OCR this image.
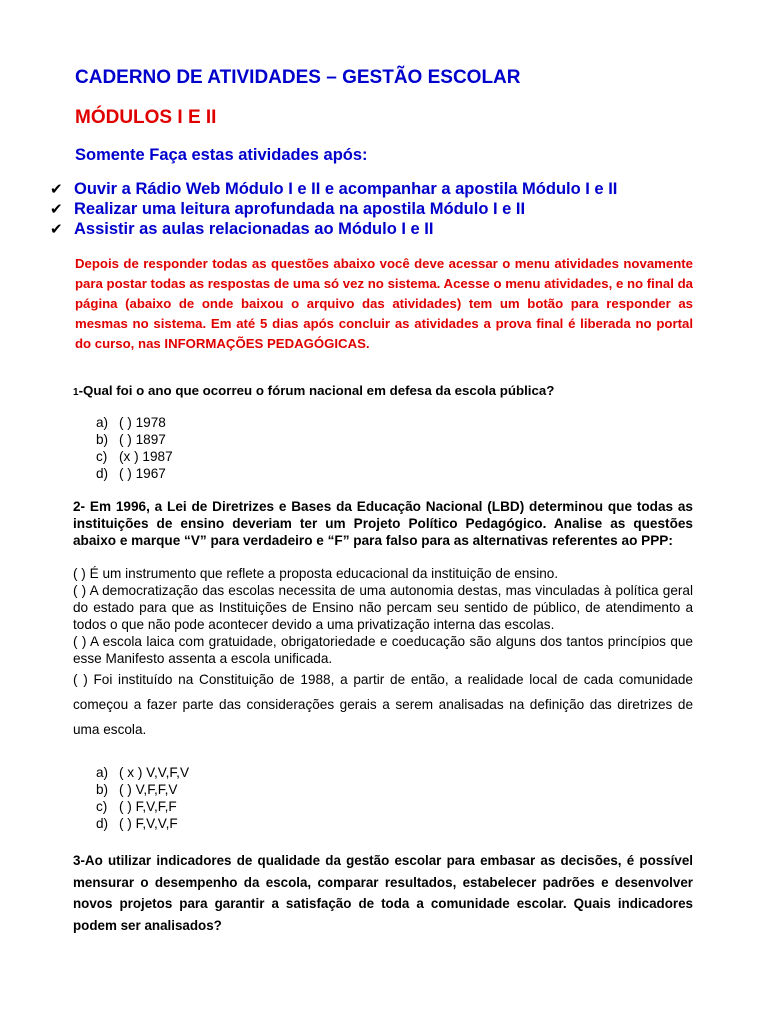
CADERNO DE ATIVIDADES – GESTÃO ESCOLAR
MÓDULOS I E II
Somente Faça estas atividades após:
✔ Ouvir a Rádio Web Módulo I e II e acompanhar a apostila Módulo I e II
✔ Realizar uma leitura aprofundada na apostila Módulo I e II
✔ Assistir as aulas relacionadas ao Módulo I e II

Depois de responder todas as questões abaixo você deve acessar o menu atividades novamente para postar todas as respostas de uma só vez no sistema. Acesse o menu atividades, e no final da página (abaixo de onde baixou o arquivo das atividades) tem um botão para responder as mesmas no sistema. Em até 5 dias após concluir as atividades a prova final é liberada no portal do curso, nas INFORMAÇÕES PEDAGÓGICAS.

1-Qual foi o ano que ocorreu o fórum nacional em defesa da escola pública?
a) ( ) 1978
b) ( ) 1897
c) (x ) 1987
d) ( ) 1967

2- Em 1996, a Lei de Diretrizes e Bases da Educação Nacional (LBD) determinou que todas as instituições de ensino deveriam ter um Projeto Político Pedagógico. Analise as questões abaixo e marque “V” para verdadeiro e “F” para falso para as alternativas referentes ao PPP:

( ) É um instrumento que reflete a proposta educacional da instituição de ensino.

( ) A democratização das escolas necessita de uma autonomia destas, mas vinculadas à política geral do estado para que as Instituições de Ensino não percam seu sentido de público, de atendimento a todos o que não pode acontecer devido a uma privatização interna das escolas.

( ) A escola laica com gratuidade, obrigatoriedade e coeducação são alguns dos tantos princípios que esse Manifesto assenta a escola unificada.

( ) Foi instituído na Constituição de 1988, a partir de então, a realidade local de cada comunidade começou a fazer parte das considerações gerais a serem analisadas na definição das diretrizes de uma escola.

a) ( x ) V,V,F,V
b) ( ) V,F,F,V
c) ( ) F,V,F,F
d) ( ) F,V,V,F

3-Ao utilizar indicadores de qualidade da gestão escolar para embasar as decisões, é possível mensurar o desempenho da escola, comparar resultados, estabelecer padrões e desenvolver novos projetos para garantir a satisfação de toda a comunidade escolar. Quais indicadores podem ser analisados?
